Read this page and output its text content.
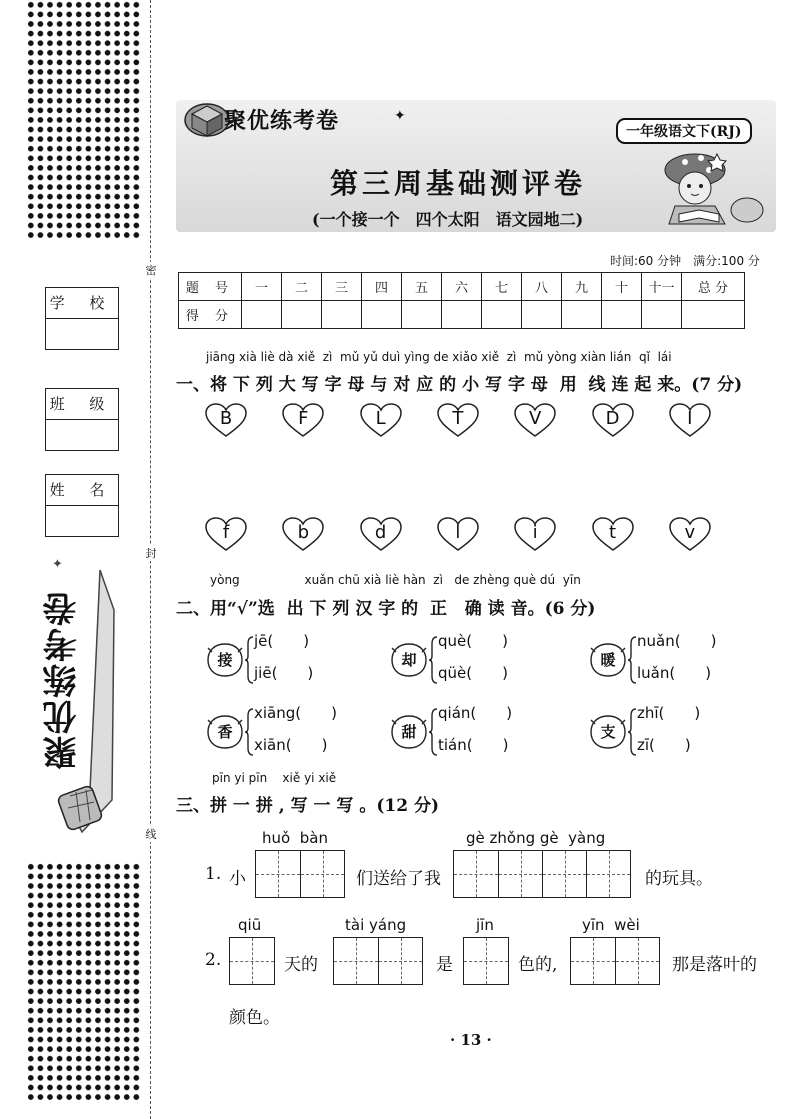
密
封
线
学 校
班 级
姓 名
✦
聚优练考卷
聚优练考卷	✦
一年级语文下(RJ)
第三周基础测评卷
(一个接一个　四个太阳　语文园地二)
时间:60 分钟　满分:100 分
题 号	一	二	三	四	五	六	七	八	九	十	十一	总 分
得 分												
jiāng xià liè dà xiě  zì  mǔ yǔ duì yìng de xiǎo xiě  zì  mǔ yòng xiàn lián  qǐ  lái
一、将 下 列 大 写 字 母 与 对 应 的 小 写 字 母  用  线 连 起 来。(7 分)
B	F	L	T	V	D	I
f	b	d	l	i	t	v
yòng                 xuǎn chū xià liè hàn  zì   de zhèng què dú  yīn
二、用“√”选  出 下 列 汉 字 的  正   确 读 音。(6 分)
接
jē(　　)
jiē(　　)
却
què(　　)
qüè(　　)
暖
nuǎn(　　)
luǎn(　　)
香
xiāng(　　)
xiān(　　)
甜
qián(　　)
tián(　　)
支
zhī(　　)
zī(　　)
pīn yi pīn    xiě yi xiě
三、拼 一 拼 , 写 一 写 。(12 分)
1. 小
huǒ  bàn
们送给了我
gè zhǒng gè  yàng
的玩具。
2.
qiū
天的
tài yáng
是
jīn
色的,
yīn  wèi
那是落叶的
颜色。
· 13 ·
